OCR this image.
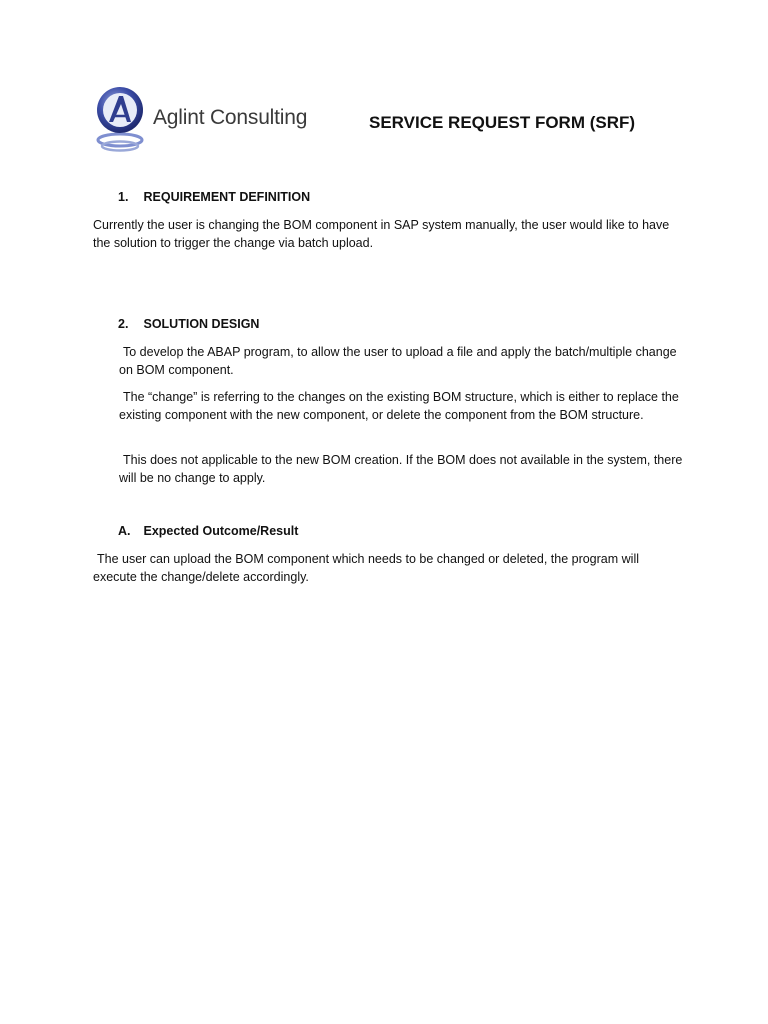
Aglint Consulting	SERVICE REQUEST FORM (SRF)
1. REQUIREMENT DEFINITION
Currently the user is changing the BOM component in SAP system manually, the user would like to have the solution to trigger the change via batch upload.
2. SOLUTION DESIGN
To develop the ABAP program, to allow the user to upload a file and apply the batch/multiple change on BOM component.
The “change” is referring to the changes on the existing BOM structure, which is either to replace the existing component with the new component, or delete the component from the BOM structure.
This does not applicable to the new BOM creation. If the BOM does not available in the system, there will be no change to apply.
A. Expected Outcome/Result
The user can upload the BOM component which needs to be changed or deleted, the program will execute the change/delete accordingly.
